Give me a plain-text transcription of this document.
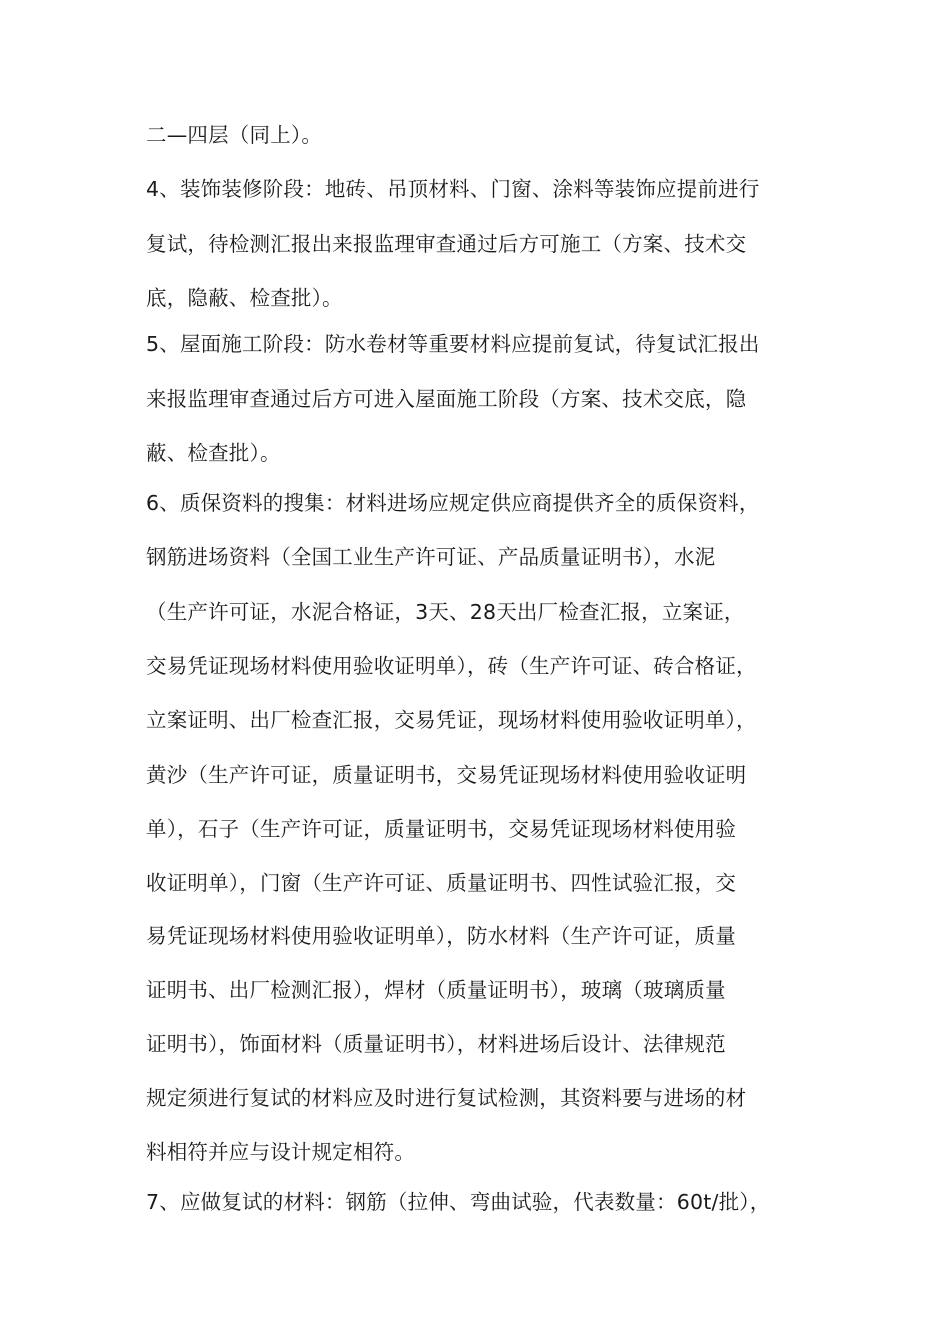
二—四层（同上）。
4、装饰装修阶段：地砖、吊顶材料、门窗、涂料等装饰应提前进行
复试，待检测汇报出来报监理审查通过后方可施工（方案、技术交
底，隐蔽、检查批）。
5、屋面施工阶段：防水卷材等重要材料应提前复试，待复试汇报出
来报监理审查通过后方可进入屋面施工阶段（方案、技术交底，隐
蔽、检查批）。
6、质保资料的搜集：材料进场应规定供应商提供齐全的质保资料，
钢筋进场资料（全国工业生产许可证、产品质量证明书），水泥
（生产许可证，水泥合格证，3天、28天出厂检查汇报，立案证，
交易凭证现场材料使用验收证明单），砖（生产许可证、砖合格证，
立案证明、出厂检查汇报，交易凭证，现场材料使用验收证明单），
黄沙（生产许可证，质量证明书，交易凭证现场材料使用验收证明
单），石子（生产许可证，质量证明书，交易凭证现场材料使用验
收证明单），门窗（生产许可证、质量证明书、四性试验汇报，交
易凭证现场材料使用验收证明单），防水材料（生产许可证，质量
证明书、出厂检测汇报），焊材（质量证明书），玻璃（玻璃质量
证明书），饰面材料（质量证明书），材料进场后设计、法律规范
规定须进行复试的材料应及时进行复试检测，其资料要与进场的材
料相符并应与设计规定相符。
7、应做复试的材料：钢筋（拉伸、弯曲试验，代表数量：60t/批），
